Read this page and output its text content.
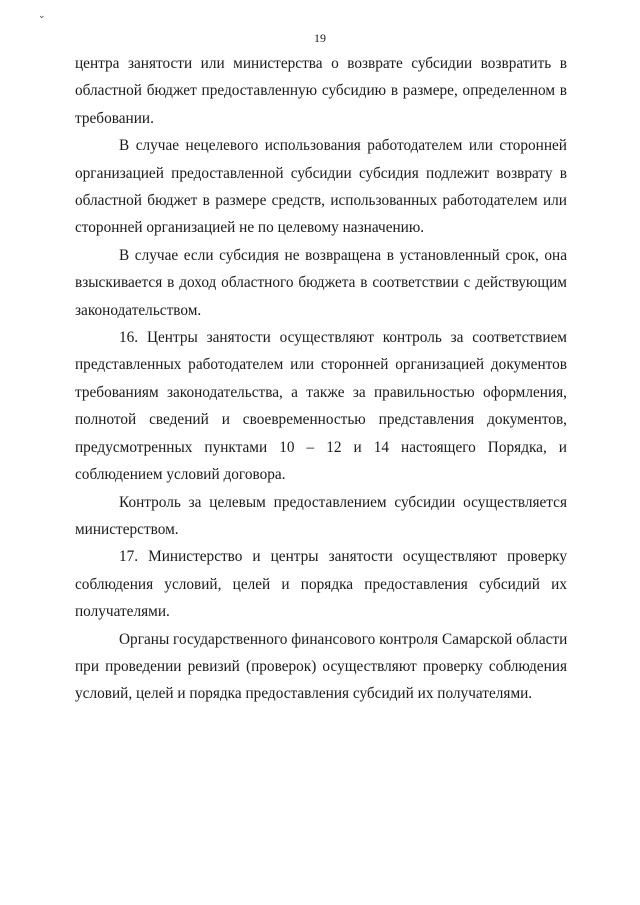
19
⌄
центра занятости или министерства о возврате субсидии возвратить в
областной бюджет предоставленную субсидию в размере, определенном в
требовании.
В случае нецелевого использования работодателем или сторонней
организацией предоставленной субсидии субсидия подлежит возврату в
областной бюджет в размере средств, использованных работодателем или
сторонней организацией не по целевому назначению.
В случае если субсидия не возвращена в установленный срок, она
взыскивается в доход областного бюджета в соответствии с действующим
законодательством.
16. Центры занятости осуществляют контроль за соответствием
представленных работодателем или сторонней организацией документов
требованиям законодательства, а также за правильностью оформления,
полнотой сведений и своевременностью представления документов,
предусмотренных пунктами 10 – 12 и 14 настоящего Порядка, и
соблюдением условий договора.
Контроль за целевым предоставлением субсидии осуществляется
министерством.
17. Министерство и центры занятости осуществляют проверку
соблюдения условий, целей и порядка предоставления субсидий их
получателями.
Органы государственного финансового контроля Самарской области
при проведении ревизий (проверок) осуществляют проверку соблюдения
условий, целей и порядка предоставления субсидий их получателями.
